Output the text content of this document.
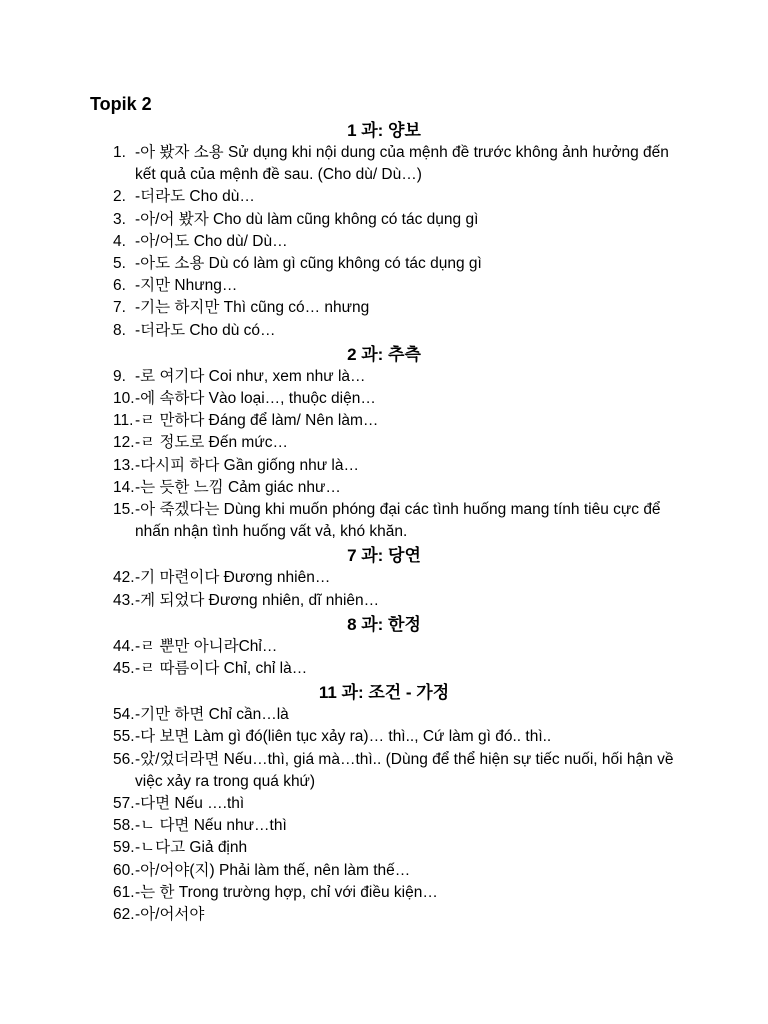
Topik 2
1 과: 양보
1. -아 봤자 소용 Sử dụng khi nội dung của mệnh đề trước không ảnh hưởng đến kết quả của mệnh đề sau. (Cho dù/ Dù…)
2. -더라도 Cho dù…
3. -아/어 봤자 Cho dù làm cũng không có tác dụng gì
4. -아/어도 Cho dù/ Dù…
5. -아도 소용 Dù có làm gì cũng không có tác dụng gì
6. -지만 Nhưng…
7. -기는 하지만 Thì cũng có… nhưng
8. -더라도 Cho dù có…
2 과: 추측
9. -로 여기다 Coi như, xem như là…
10. -에 속하다 Vào loại…, thuộc diện…
11. -ㄹ 만하다 Đáng để làm/ Nên làm…
12. -ㄹ 정도로 Đến mức…
13. -다시피 하다 Gần giống như là…
14. -는 듯한 느낌 Cảm giác như…
15. -아 죽겠다는 Dùng khi muốn phóng đại các tình huống mang tính tiêu cực để nhấn nhận tình huống vất vả, khó khăn.
7 과: 당연
42. -기 마련이다 Đương nhiên…
43. -게 되었다 Đương nhiên, dĩ nhiên…
8 과: 한정
44. -ㄹ 뿐만 아니라Chỉ…
45. -ㄹ 따름이다 Chỉ, chỉ là…
11 과: 조건 - 가정
54. -기만 하면 Chỉ cần…là
55. -다 보면 Làm gì đó(liên tục xảy ra)… thì.., Cứ làm gì đó.. thì..
56. -았/었더라면 Nếu…thì, giá mà…thì.. (Dùng để thể hiện sự tiếc nuối, hối hận về việc xảy ra trong quá khứ)
57. -다면 Nếu ….thì
58. -ㄴ 다면 Nếu như…thì
59. -ㄴ다고 Giả định
60. -아/어야(지) Phải làm thế, nên làm thế…
61. -는 한 Trong trường hợp, chỉ với điều kiện…
62. -아/어서야
